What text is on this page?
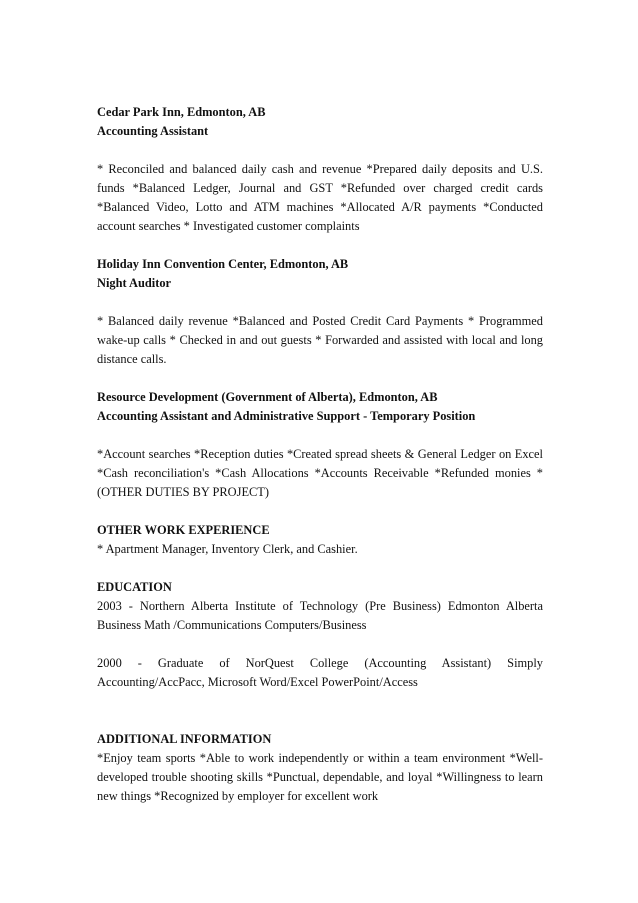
Cedar Park Inn, Edmonton, AB
Accounting Assistant
* Reconciled and balanced daily cash and revenue *Prepared daily deposits and U.S. funds *Balanced Ledger, Journal and GST *Refunded over charged credit cards *Balanced Video, Lotto and ATM machines *Allocated A/R payments *Conducted account searches * Investigated customer complaints
Holiday Inn Convention Center, Edmonton, AB
Night Auditor
* Balanced daily revenue *Balanced and Posted Credit Card Payments * Programmed wake-up calls * Checked in and out guests * Forwarded and assisted with local and long distance calls.
Resource Development (Government of Alberta), Edmonton, AB
Accounting Assistant and Administrative Support - Temporary Position
*Account searches *Reception duties *Created spread sheets & General Ledger on Excel *Cash reconciliation's *Cash Allocations *Accounts Receivable *Refunded monies *(OTHER DUTIES BY PROJECT)
OTHER WORK EXPERIENCE
* Apartment Manager, Inventory Clerk, and Cashier.
EDUCATION
2003 - Northern Alberta Institute of Technology (Pre Business) Edmonton Alberta Business Math /Communications Computers/Business
2000 - Graduate of NorQuest College (Accounting Assistant) Simply Accounting/AccPacc, Microsoft Word/Excel PowerPoint/Access
ADDITIONAL INFORMATION
*Enjoy team sports *Able to work independently or within a team environment *Well-developed trouble shooting skills *Punctual, dependable, and loyal *Willingness to learn new things *Recognized by employer for excellent work
